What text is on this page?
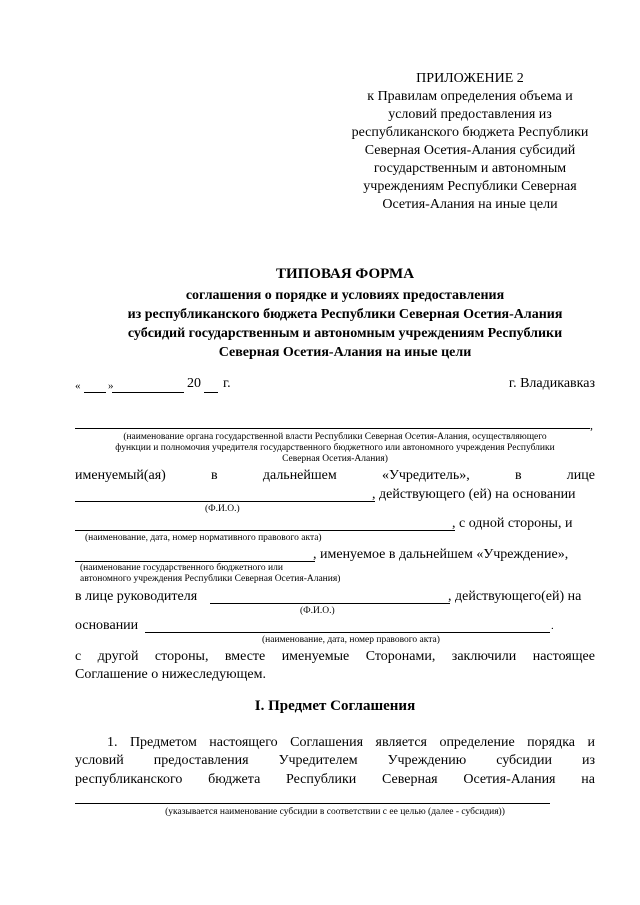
ПРИЛОЖЕНИЕ 2
к Правилам определения объема и
условий предоставления из
республиканского бюджета Республики
Северная Осетия-Алания субсидий
государственным и автономным
учреждениям Республики Северная
Осетия-Алания на иные цели
ТИПОВАЯ ФОРМА
соглашения о порядке и условиях предоставления
из республиканского бюджета Республики Северная Осетия-Алания
субсидий государственным и автономным учреждениям Республики
Северная Осетия-Алания на иные цели
«	»	20 г.	г. Владикавказ
,
(наименование органа государственной власти Республики Северная Осетия-Алания, осуществляющего
функции и полномочия учредителя государственного бюджетного или автономного учреждения Республики
Северная Осетия-Алания)
именуемый(ая)	в	дальнейшем	«Учредитель»,	в	лице
, действующего (ей) на основании
(Ф.И.О.)
, с одной стороны, и
(наименование, дата, номер нормативного правового акта)
, именуемое в дальнейшем «Учреждение»,
(наименование государственного бюджетного или
автономного учреждения Республики Северная Осетия-Алания)
в лице руководителя	, действующего(ей) на
(Ф.И.О.)
основании	.
(наименование, дата, номер правового акта)
с другой стороны, вместе именуемые Сторонами, заключили настоящее
Соглашение о нижеследующем.
I. Предмет Соглашения
1. Предметом настоящего Соглашения является определение порядка и
условий предоставления Учредителем Учреждению субсидии из
республиканского бюджета Республики Северная Осетия-Алания на
(указывается наименование субсидии в соответствии с ее целью (далее - субсидия))
